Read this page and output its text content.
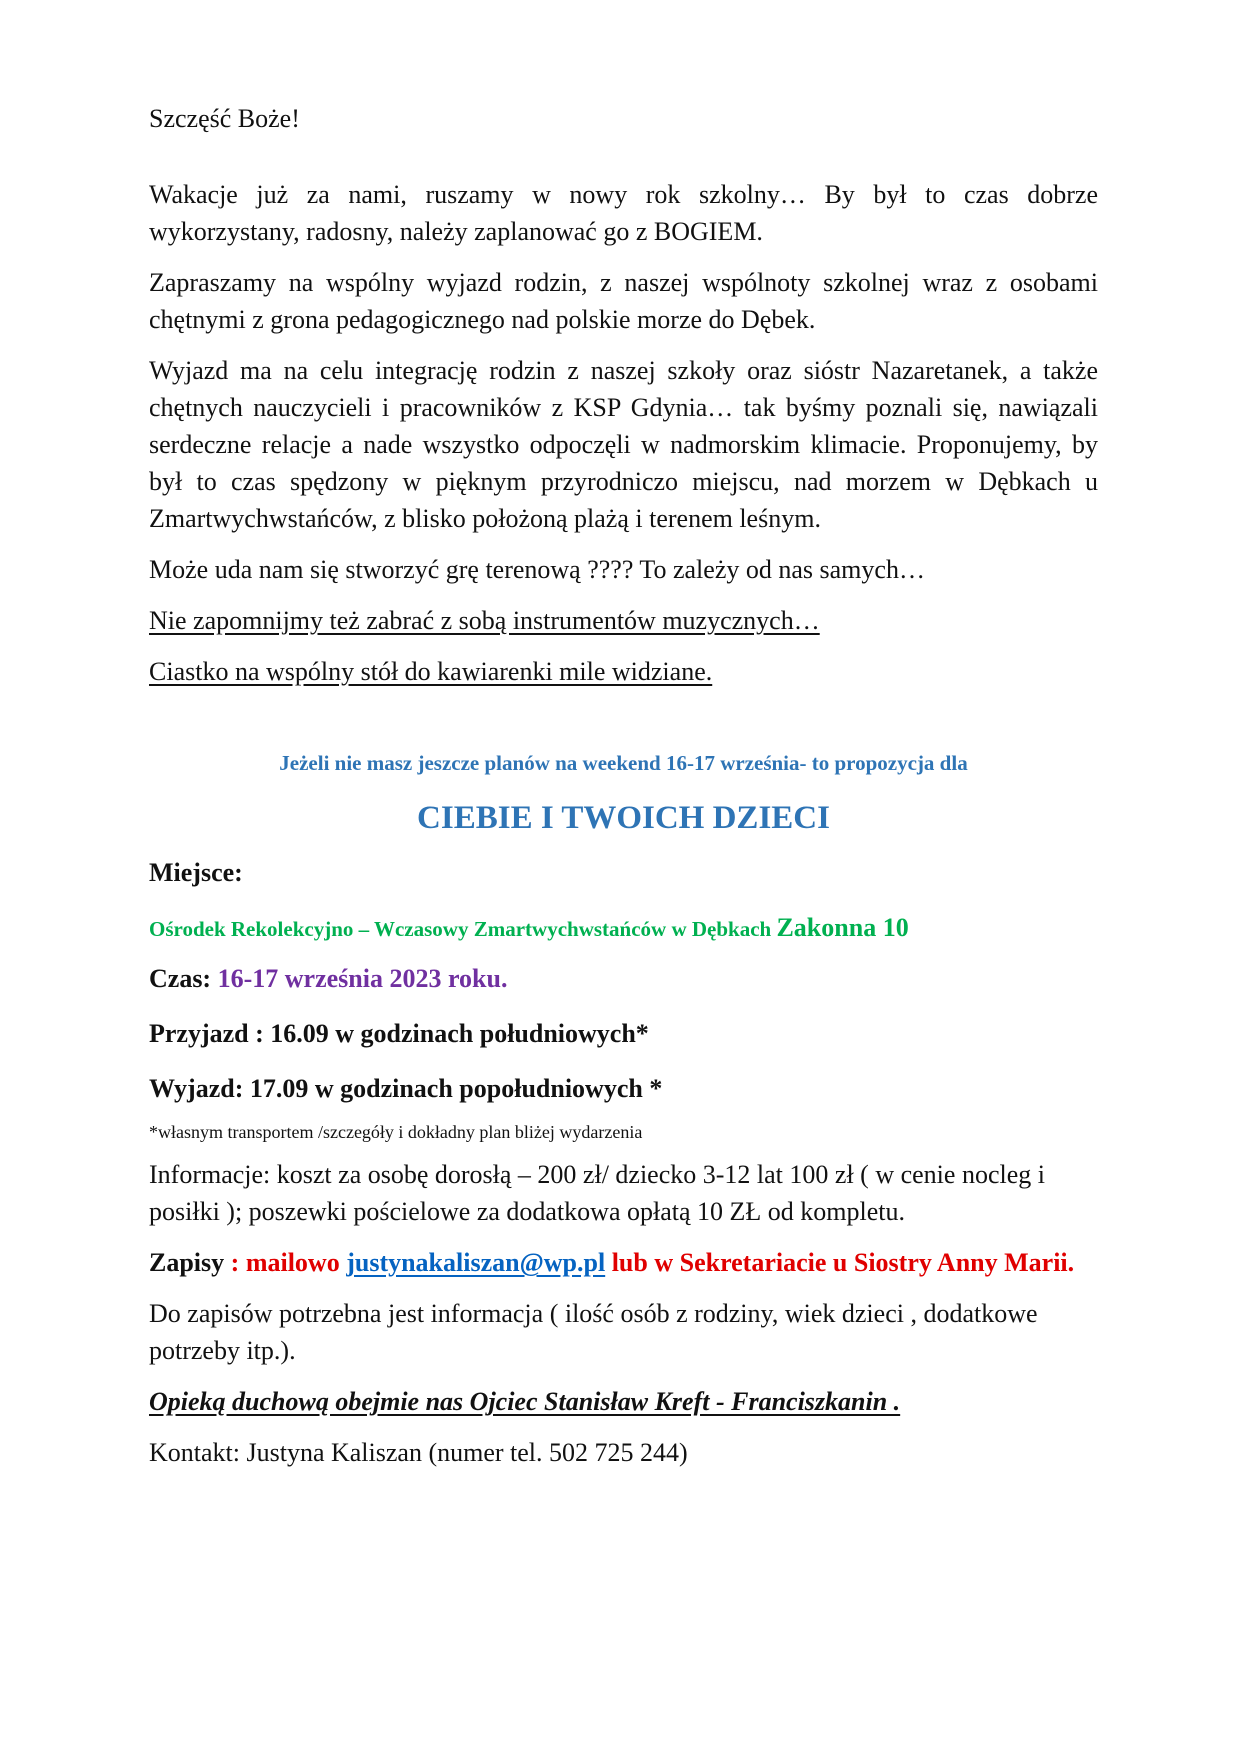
Szczęść Boże!

Wakacje już za nami, ruszamy w nowy rok szkolny… By był to czas dobrze wykorzystany, radosny, należy zaplanować go z BOGIEM.

Zapraszamy na wspólny wyjazd rodzin, z naszej wspólnoty szkolnej wraz z osobami chętnymi z grona pedagogicznego nad polskie morze do Dębek.

Wyjazd ma na celu integrację rodzin z naszej szkoły oraz sióstr Nazaretanek, a także chętnych nauczycieli i pracowników z KSP Gdynia… tak byśmy poznali się, nawiązali serdeczne relacje a nade wszystko odpoczęli w nadmorskim klimacie. Proponujemy, by był to czas spędzony w pięknym przyrodniczo miejscu, nad morzem w Dębkach u Zmartwychwstańców, z blisko położoną plażą i terenem leśnym.

Może uda nam się stworzyć grę terenową ???? To zależy od nas samych…

Nie zapomnijmy też zabrać z sobą instrumentów muzycznych…

Ciastko na wspólny stół do kawiarenki mile widziane.

Jeżeli nie masz jeszcze planów na weekend 16-17 września- to propozycja dla

CIEBIE I TWOICH DZIECI

Miejsce:

Ośrodek Rekolekcyjno – Wczasowy Zmartwychwstańców w Dębkach Zakonna 10

Czas: 16-17 września 2023 roku.

Przyjazd : 16.09 w godzinach południowych*

Wyjazd: 17.09 w godzinach popołudniowych *

*własnym transportem /szczegóły i dokładny plan bliżej wydarzenia

Informacje: koszt za osobę dorosłą – 200 zł/ dziecko 3-12 lat 100 zł ( w cenie nocleg i posiłki ); poszewki pościelowe za dodatkowa opłatą 10 ZŁ od kompletu.

Zapisy : mailowo justynakaliszan@wp.pl lub w Sekretariacie u Siostry Anny Marii.

Do zapisów potrzebna jest informacja ( ilość osób z rodziny, wiek dzieci , dodatkowe potrzeby itp.).

Opieką duchową obejmie nas Ojciec Stanisław Kreft - Franciszkanin .

Kontakt: Justyna Kaliszan (numer tel. 502 725 244)
